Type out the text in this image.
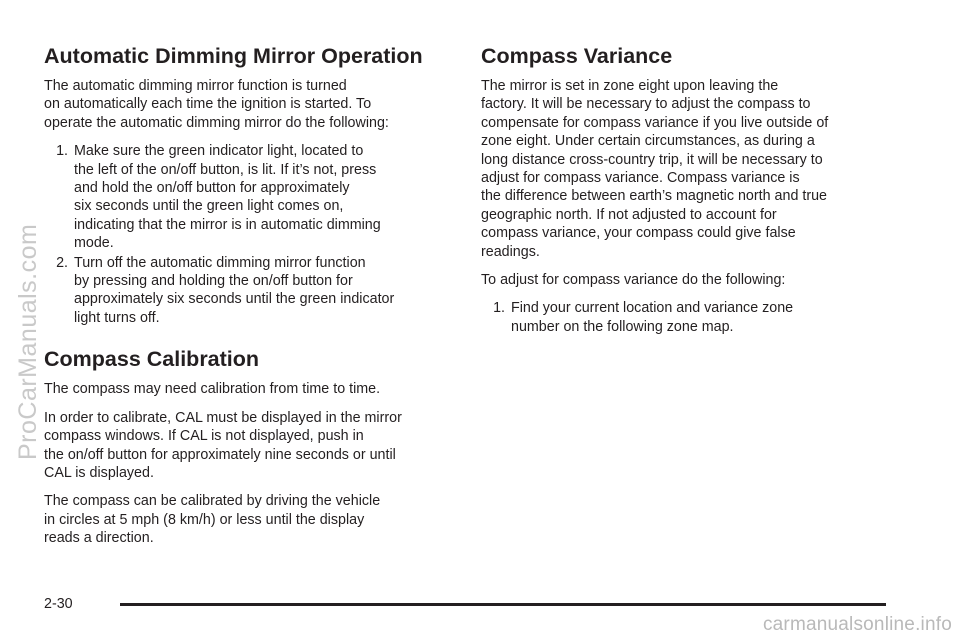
Automatic Dimming Mirror Operation

The automatic dimming mirror function is turned
on automatically each time the ignition is started. To
operate the automatic dimming mirror do the following:

1. Make sure the green indicator light, located to
the left of the on/off button, is lit. If it’s not, press
and hold the on/off button for approximately
six seconds until the green light comes on,
indicating that the mirror is in automatic dimming
mode.
2. Turn off the automatic dimming mirror function
by pressing and holding the on/off button for
approximately six seconds until the green indicator
light turns off.
Compass Calibration

The compass may need calibration from time to time.

In order to calibrate, CAL must be displayed in the mirror
compass windows. If CAL is not displayed, push in
the on/off button for approximately nine seconds or until
CAL is displayed.

The compass can be calibrated by driving the vehicle
in circles at 5 mph (8 km/h) or less until the display
reads a direction.

Compass Variance

The mirror is set in zone eight upon leaving the
factory. It will be necessary to adjust the compass to
compensate for compass variance if you live outside of
zone eight. Under certain circumstances, as during a
long distance cross-country trip, it will be necessary to
adjust for compass variance. Compass variance is
the difference between earth’s magnetic north and true
geographic north. If not adjusted to account for
compass variance, your compass could give false
readings.

To adjust for compass variance do the following:

1. Find your current location and variance zone
number on the following zone map.
ProCarManuals.com
2-30
carmanualsonline.info
